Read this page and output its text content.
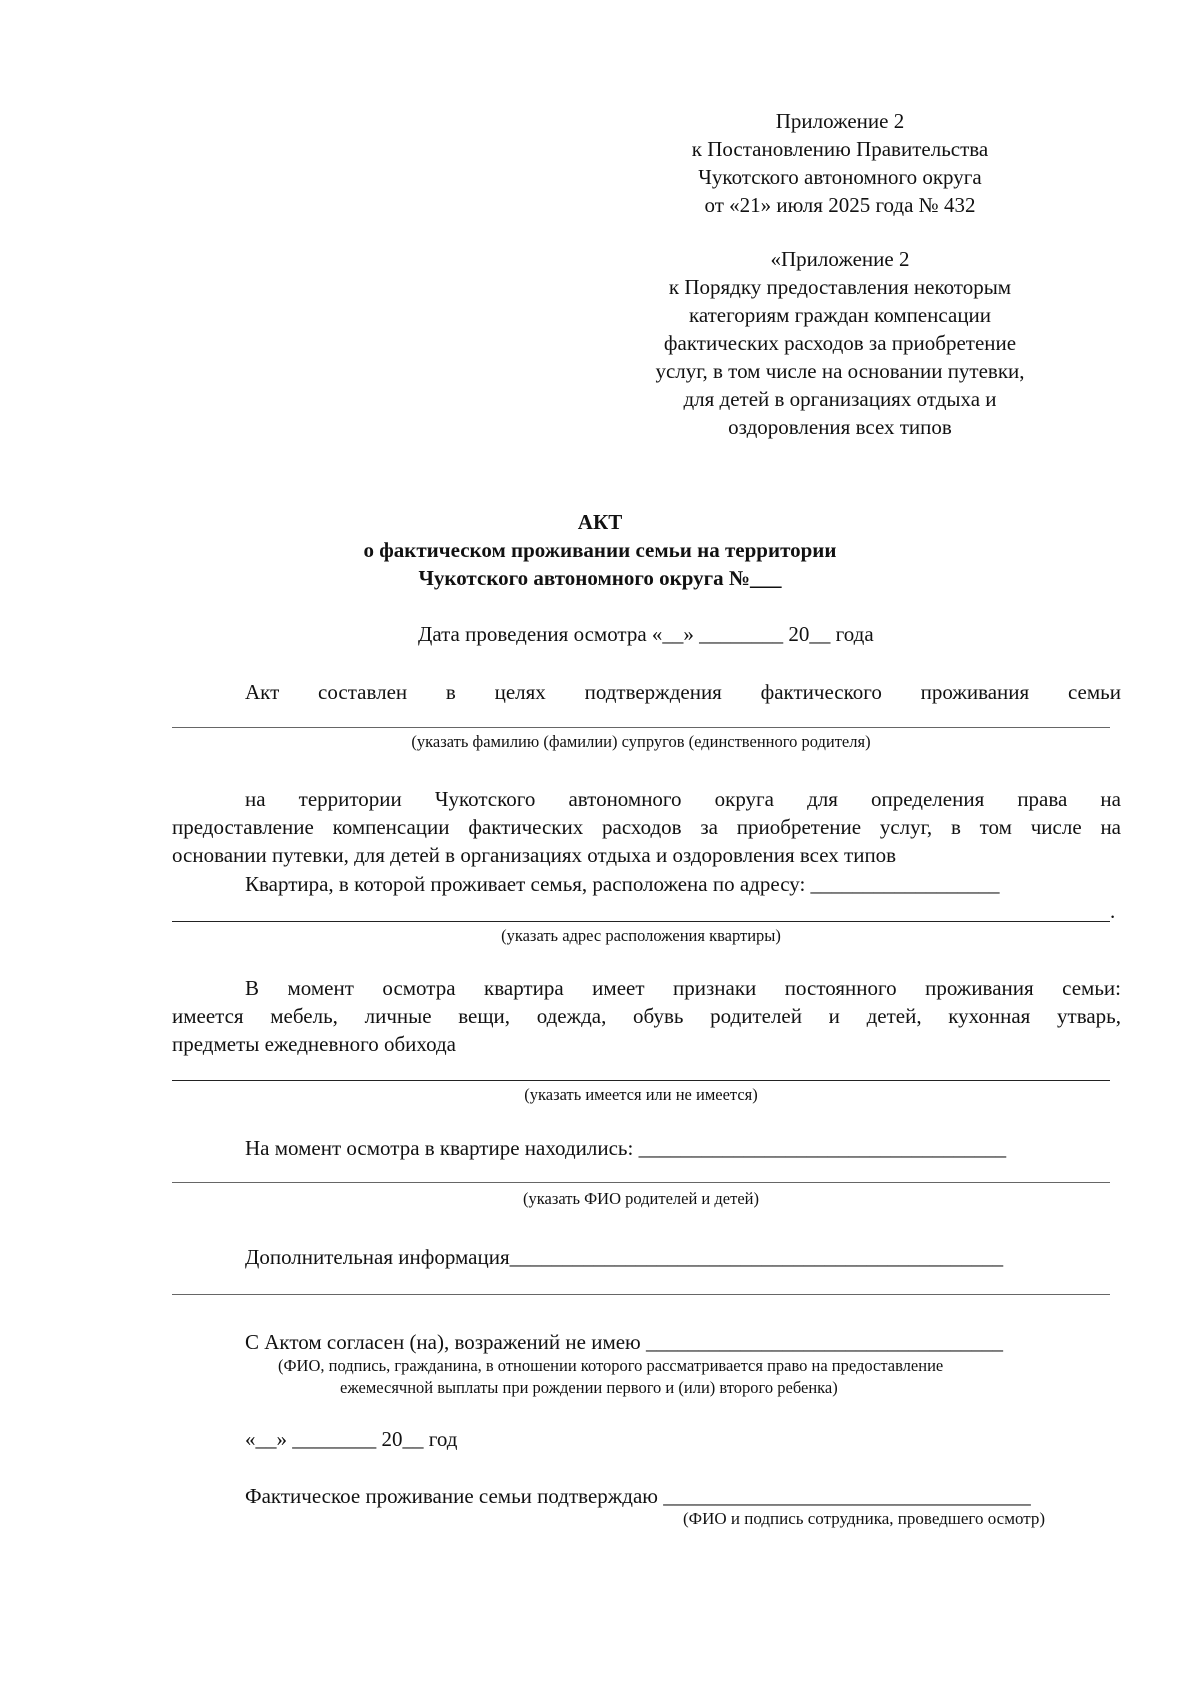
Приложение 2
к Постановлению Правительства
Чукотского автономного округа
от «21» июля 2025 года № 432
«Приложение 2
к Порядку предоставления некоторым
категориям граждан компенсации
фактических расходов за приобретение
услуг, в том числе на основании путевки,
для детей в организациях отдыха и
оздоровления всех типов
АКТ
о фактическом проживании семьи на территории
Чукотского автономного округа №___
Дата проведения осмотра «__» ________ 20__ года
Акт составлен в целях подтверждения фактического проживания семьи
(указать фамилию (фамилии) супругов (единственного родителя)
на территории Чукотского автономного округа для определения права на
предоставление компенсации фактических расходов за приобретение услуг, в том числе на
основании путевки, для детей в организациях отдыха и оздоровления всех типов
Квартира, в которой проживает семья, расположена по адресу: __________________
.
(указать адрес расположения квартиры)
В момент осмотра квартира имеет признаки постоянного проживания семьи:
имеется мебель, личные вещи, одежда, обувь родителей и детей, кухонная утварь,
предметы ежедневного обихода
(указать имеется или не имеется)
На момент осмотра в квартире находились: ___________________________________
(указать ФИО родителей и детей)
Дополнительная информация_______________________________________________
С Актом согласен (на), возражений не имею __________________________________
(ФИО, подпись, гражданина, в отношении которого рассматривается право на предоставление
ежемесячной выплаты при рождении первого и (или) второго ребенка)
«__» ________ 20__ год
Фактическое проживание семьи подтверждаю ___________________________________
(ФИО и подпись сотрудника, проведшего осмотр)
